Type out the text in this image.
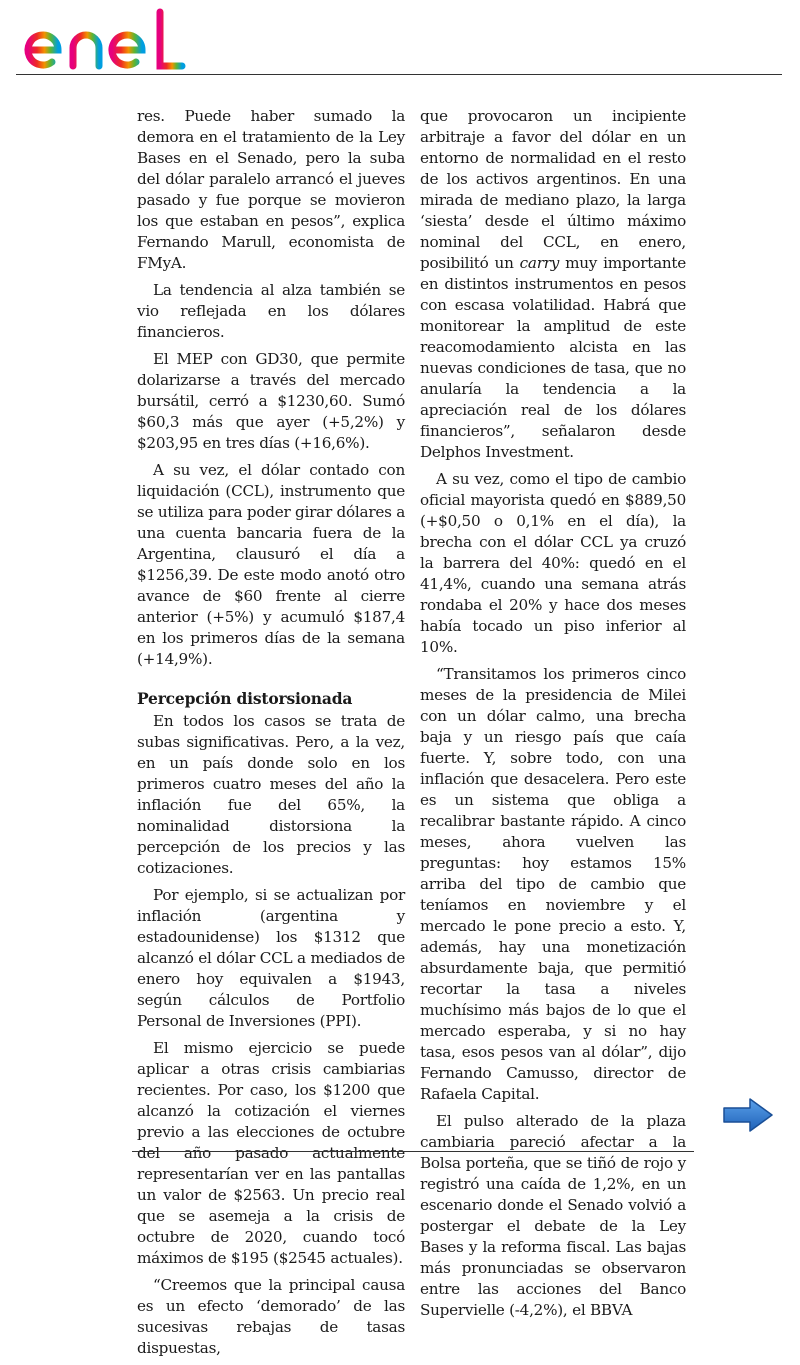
res. Puede haber sumado la demora en el tratamiento de la Ley Bases en el Senado, pero la suba del dólar paralelo arrancó el jueves pasado y fue porque se movieron los que estaban en pesos”, explica Fernando Marull, economista de FMyA.

La tendencia al alza también se vio reflejada en los dólares financieros.

El MEP con GD30, que permite dolarizarse a través del mercado bursátil, cerró a $1230,60. Sumó $60,3 más que ayer (+5,2%) y $203,95 en tres días (+16,6%).

A su vez, el dólar contado con liquidación (CCL), instrumento que se utiliza para poder girar dólares a una cuenta bancaria fuera de la Argentina, clausuró el día a $1256,39. De este modo anotó otro avance de $60 frente al cierre anterior (+5%) y acumuló $187,4 en los primeros días de la semana (+14,9%).

Percepción distorsionada

En todos los casos se trata de subas significativas. Pero, a la vez, en un país donde solo en los primeros cuatro meses del año la inflación fue del 65%, la nominalidad distorsiona la percepción de los precios y las cotizaciones.

Por ejemplo, si se actualizan por inflación (argentina y estadounidense) los $1312 que alcanzó el dólar CCL a mediados de enero hoy equivalen a $1943, según cálculos de Portfolio Personal de Inversiones (PPI).

El mismo ejercicio se puede aplicar a otras crisis cambiarias recientes. Por caso, los $1200 que alcanzó la cotización el viernes previo a las elecciones de octubre del año pasado actualmente representarían ver en las pantallas un valor de $2563. Un precio real que se asemeja a la crisis de octubre de 2020, cuando tocó máximos de $195 ($2545 actuales).

“Creemos que la principal causa es un efecto ‘demorado’ de las sucesivas rebajas de tasas dispuestas,

que provocaron un incipiente arbitraje a favor del dólar en un entorno de normalidad en el resto de los activos argentinos. En una mirada de mediano plazo, la larga ‘siesta’ desde el último máximo nominal del CCL, en enero, posibilitó un carry muy importante en distintos instrumentos en pesos con escasa volatilidad. Habrá que monitorear la amplitud de este reacomodamiento alcista en las nuevas condiciones de tasa, que no anularía la tendencia a la apreciación real de los dólares financieros”, señalaron desde Delphos Investment.

A su vez, como el tipo de cambio oficial mayorista quedó en $889,50 (+$0,50 o 0,1% en el día), la brecha con el dólar CCL ya cruzó la barrera del 40%: quedó en el 41,4%, cuando una semana atrás rondaba el 20% y hace dos meses había tocado un piso inferior al 10%.

“Transitamos los primeros cinco meses de la presidencia de Milei con un dólar calmo, una brecha baja y un riesgo país que caía fuerte. Y, sobre todo, con una inflación que desacelera. Pero este es un sistema que obliga a recalibrar bastante rápido. A cinco meses, ahora vuelven las preguntas: hoy estamos 15% arriba del tipo de cambio que teníamos en noviembre y el mercado le pone precio a esto. Y, además, hay una monetización absurdamente baja, que permitió recortar la tasa a niveles muchísimo más bajos de lo que el mercado esperaba, y si no hay tasa, esos pesos van al dólar”, dijo Fernando Camusso, director de Rafaela Capital.

El pulso alterado de la plaza cambiaria pareció afectar a la Bolsa porteña, que se tiñó de rojo y registró una caída de 1,2%, en un escenario donde el Senado volvió a postergar el debate de la Ley Bases y la reforma fiscal. Las bajas más pronunciadas se observaron entre las acciones del Banco Supervielle (-4,2%), el BBVA
